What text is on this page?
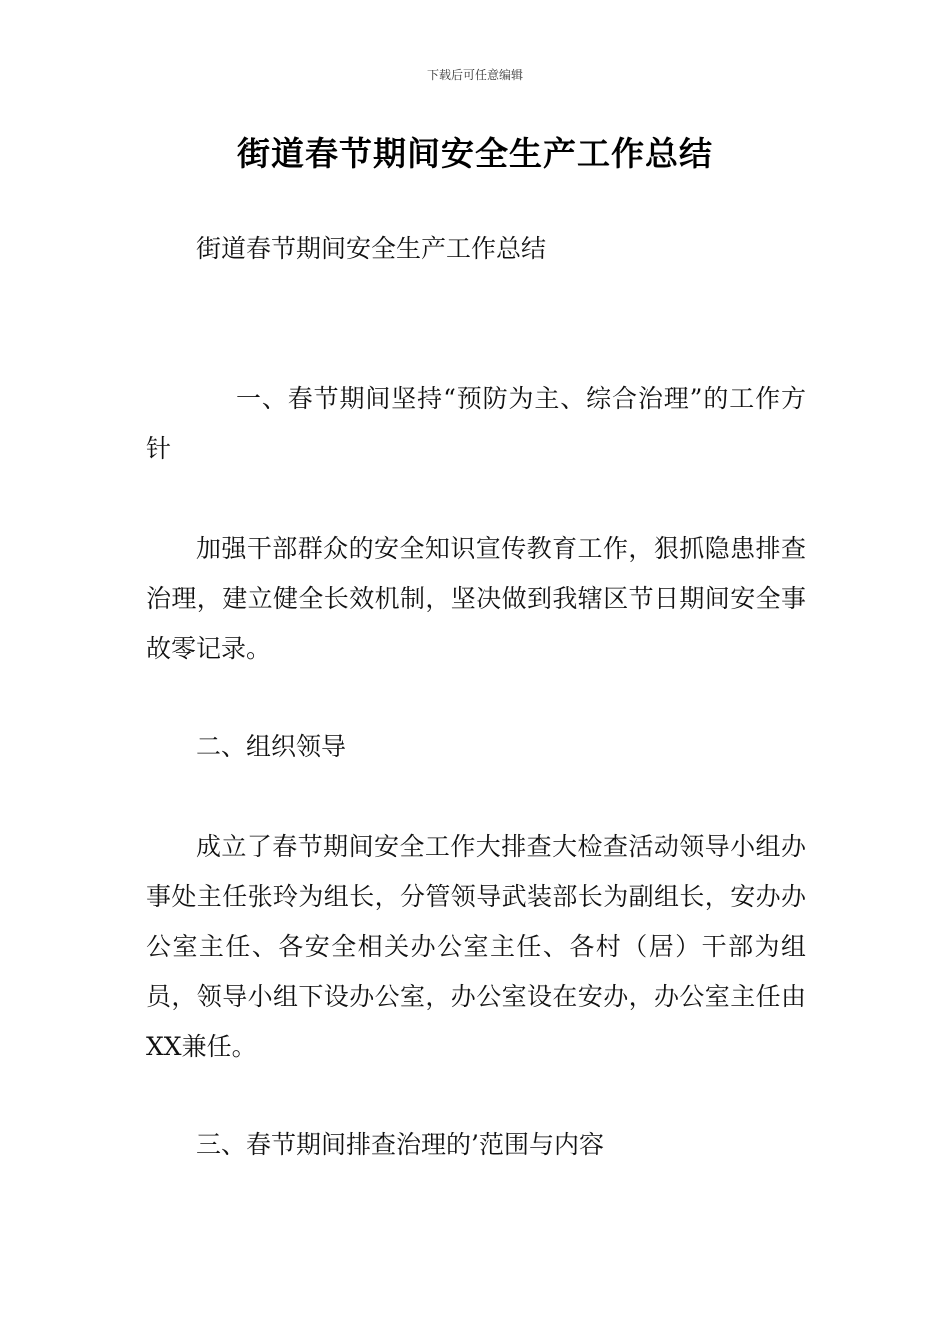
下载后可任意编辑
街道春节期间安全生产工作总结

街道春节期间安全生产工作总结

一、春节期间坚持“预防为主、综合治理”的工作方针

加强干部群众的安全知识宣传教育工作，狠抓隐患排查治理，建立健全长效机制，坚决做到我辖区节日期间安全事故零记录。

二、组织领导

成立了春节期间安全工作大排查大检查活动领导小组办事处主任张玲为组长，分管领导武装部长为副组长，安办办公室主任、各安全相关办公室主任、各村（居）干部为组员，领导小组下设办公室，办公室设在安办，办公室主任由XX兼任。

三、春节期间排查治理的’范围与内容
